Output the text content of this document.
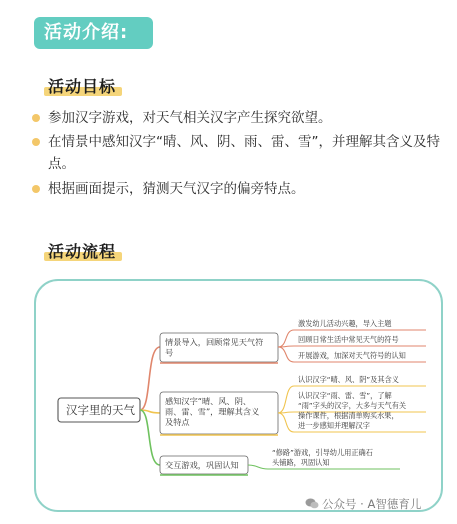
活动介绍:
活动目标
参加汉字游戏，对天气相关汉字产生探究欲望。
在情景中感知汉字“晴、风、阴、雨、雷、雪”，并理解其含义及特点。
根据画面提示，猜测天气汉字的偏旁特点。
活动流程
汉字里的天气
情景导入，回顾常见天气符号
激发幼儿活动兴趣，导入主题
回顾日常生活中常见天气的符号
开展游戏，加深对天气符号的认知
感知汉字“晴、风、阴、雨、雷、雪”，理解其含义及特点
认识汉字“晴、风、阴”及其含义
认识汉字“雨、雷、雪”，了解“雨”字头的汉字，大多与天气有关
操作课件，根据清单购买水果，进一步感知并理解汉字
交互游戏，巩固认知
“修路”游戏，引导幼儿用正确石头铺路，巩固认知
公众号 · A智德育儿
